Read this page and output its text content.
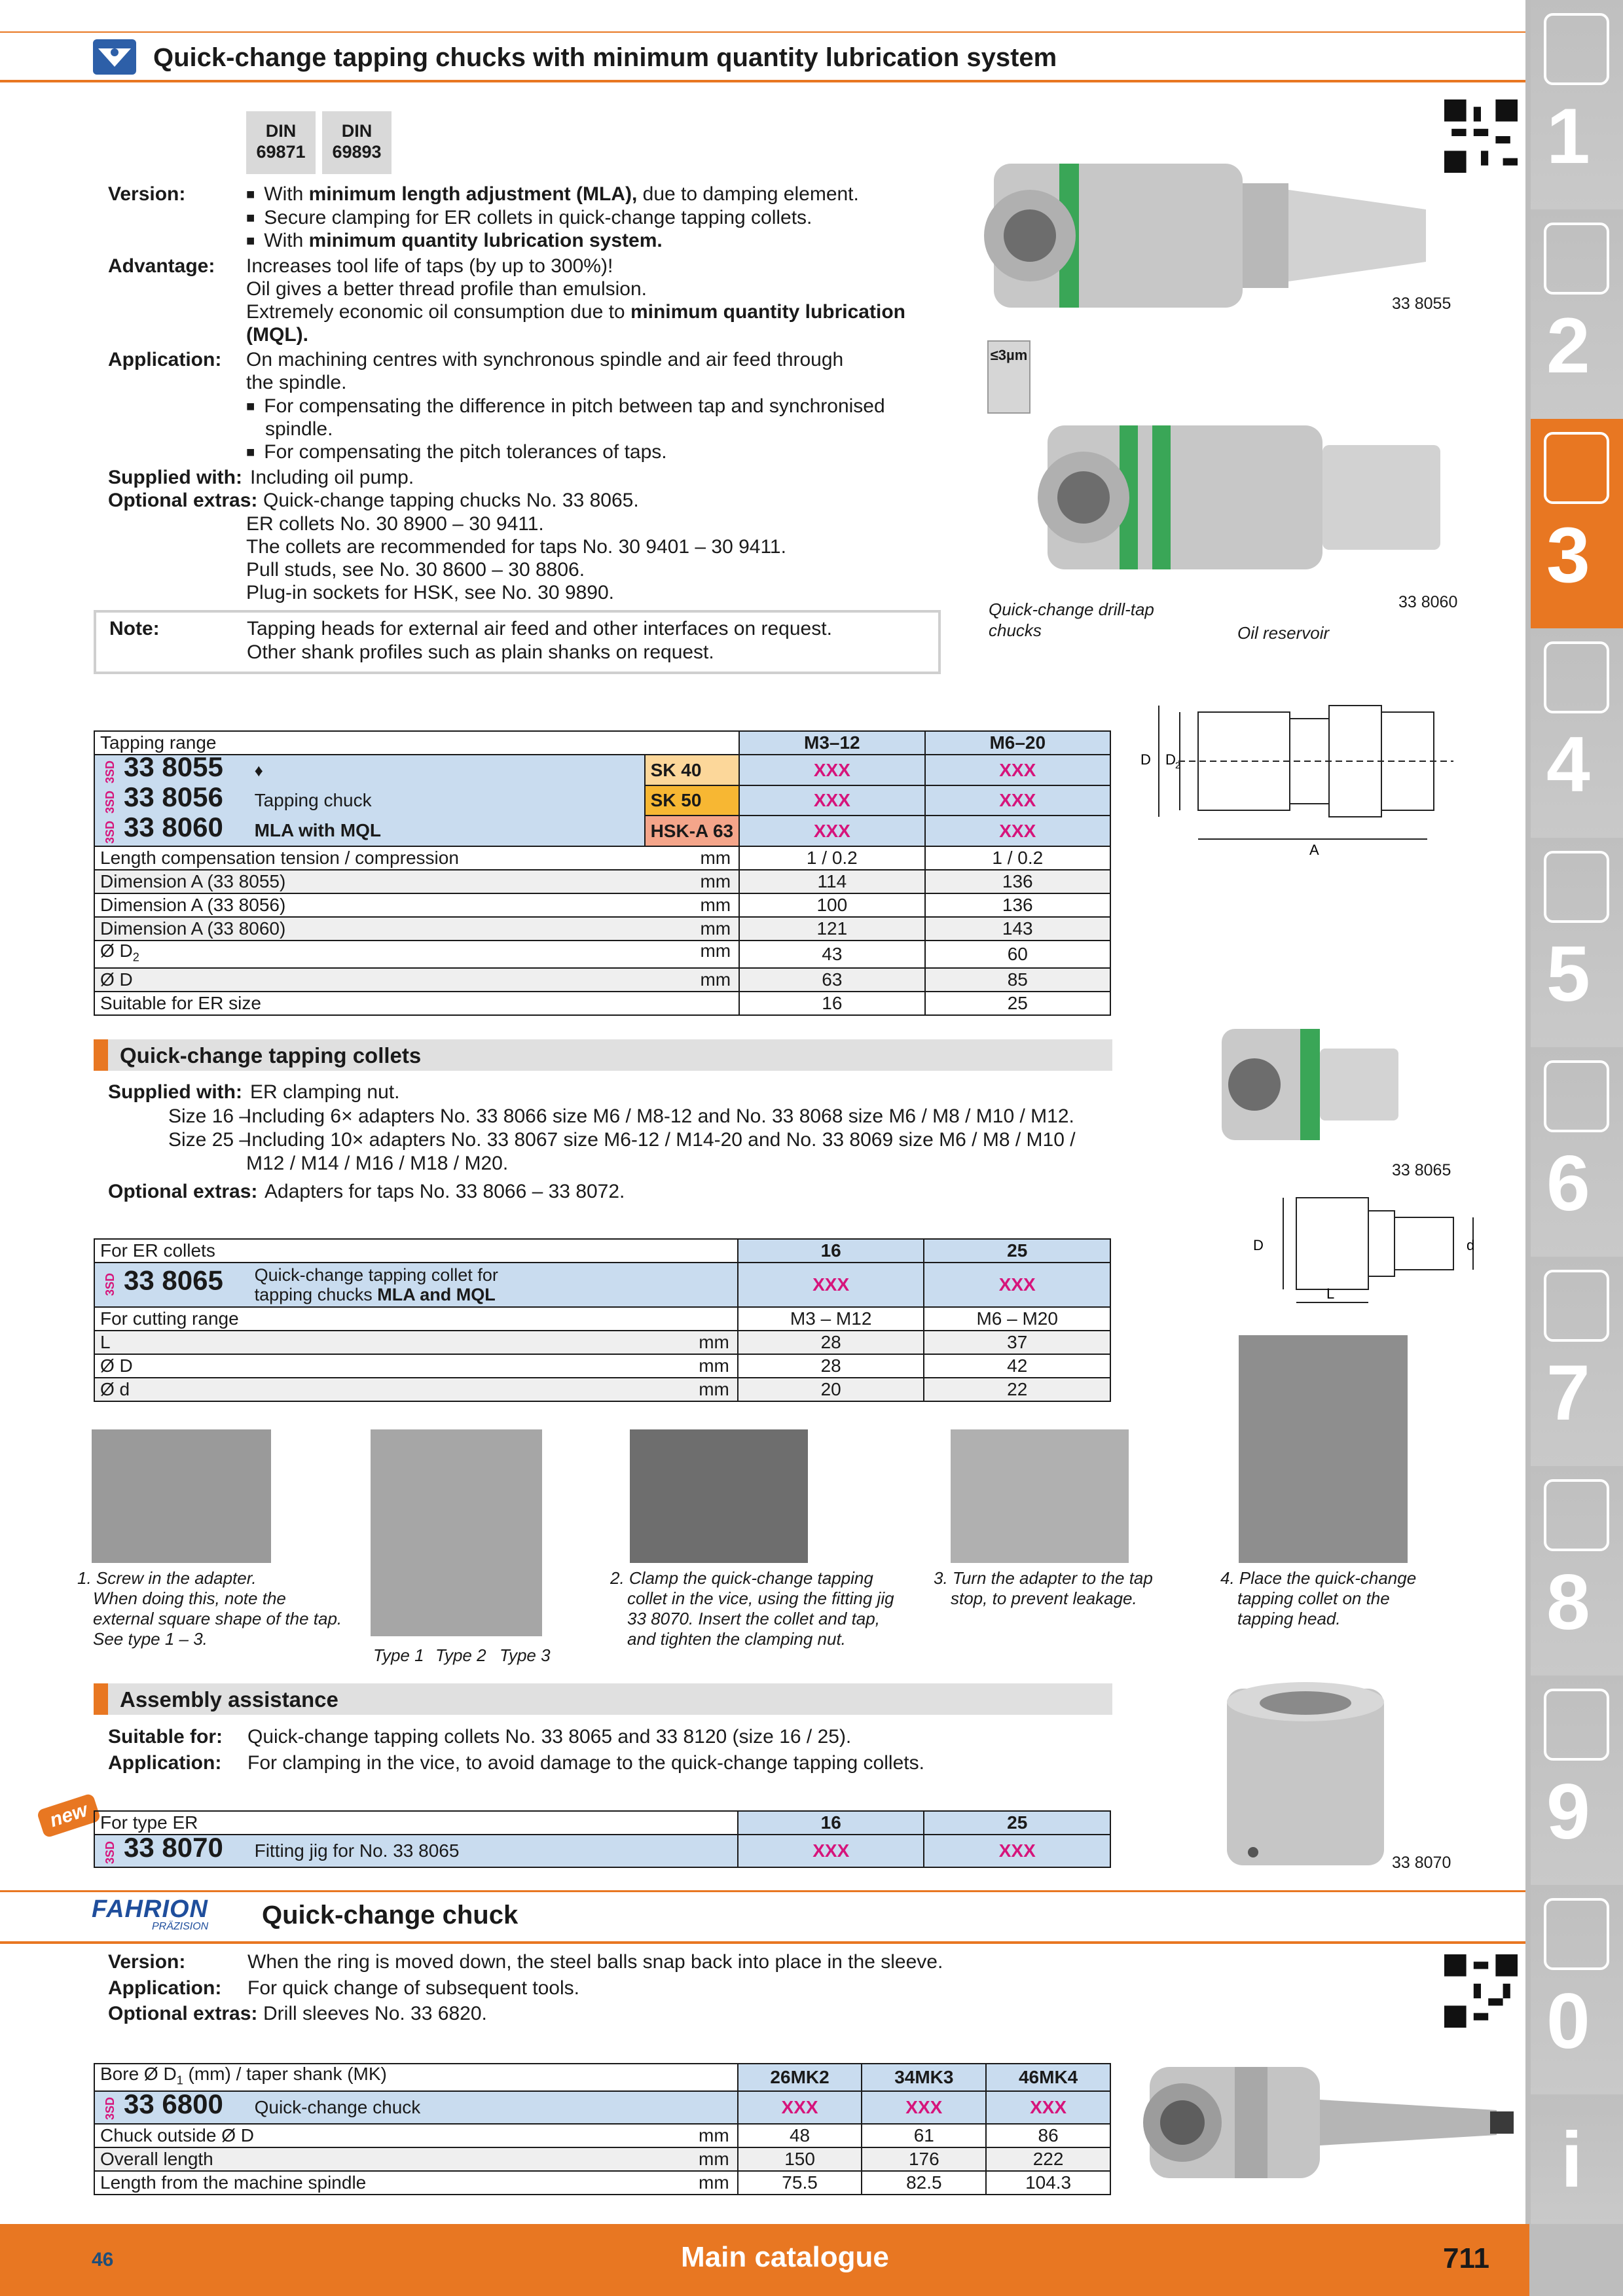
Quick-change tapping chucks with minimum quantity lubrication system
DIN
69871
DIN
69893
Version:	■ With minimum length adjustment (MLA), due to damping element.
■ Secure clamping for ER collets in quick-change tapping collets.
■ With minimum quantity lubrication system.
Advantage: Increases tool life of taps (by up to 300%)!
Oil gives a better thread profile than emulsion.
Extremely economic oil consumption due to minimum quantity lubrication
(MQL).
Application: On machining centres with synchronous spindle and air feed through
the spindle.
■ For compensating the difference in pitch between tap and synchronised
spindle.
■ For compensating the pitch tolerances of taps.
Supplied with: Including oil pump.
Optional extras: Quick-change tapping chucks No. 33 8065.
ER collets No. 30 8900 – 30 9411.
The collets are recommended for taps No. 30 9401 – 30 9411.
Pull studs, see No. 30 8600 – 30 8806.
Plug-in sockets for HSK, see No. 30 9890.
Note:	Tapping heads for external air feed and other interfaces on request.
Other shank profiles such as plain shanks on request.
33 8055
≤3µm
33 8060
Quick-change drill-tap
chucks	Oil reservoir
D D 2
A
Tapping range		M3–12	M6–20
3SD 33 8055 ♦	SK 40	XXX	XXX
3SD 33 8056 Tapping chuck	SK 50	XXX	XXX
3SD 33 8060 MLA with MQL	HSK-A 63	XXX	XXX
Length compensation tension / compression mm		1 / 0.2	1 / 0.2
Dimension A (33 8055) mm		114	136
Dimension A (33 8056) mm		100	136
Dimension A (33 8060) mm		121	143
Ø $D_2$ mm		43	60
Ø D mm		63	85
Suitable for ER size		16	25
Quick-change tapping collets
Supplied with: ER clamping nut.
Size 16 –
Including 6× adapters No. 33 8066 size M6 / M8-12 and No. 33 8068 size M6 / M8 / M10 / M12.
Size 25 –
Including 10× adapters No. 33 8067 size M6-12 / M14-20 and No. 33 8069 size M6 / M8 / M10 /
M12 / M14 / M16 / M18 / M20.
Optional extras: Adapters for taps No. 33 8066 – 33 8072.
33 8065
D	d
L
For ER collets	16	25
3SD 33 8065 Quick-change tapping collet for
tapping chucks MLA and MQL	XXX	XXX
For cutting range	M3 – M12	M6 – M20
L mm	28	37
Ø D mm	28	42
Ø d mm	20	22
1. Screw in the adapter.
When doing this, note the
external square shape of the tap.
See type 1 – 3.
Type 1 Type 2 Type 3
2. Clamp the quick-change tapping
collet in the vice, using the fitting jig
33 8070. Insert the collet and tap,
and tighten the clamping nut.
3. Turn the adapter to the tap
stop, to prevent leakage.
4. Place the quick-change
tapping collet on the
tapping head.
Assembly assistance
Suitable for: Quick-change tapping collets No. 33 8065 and 33 8120 (size 16 / 25).
Application: For clamping in the vice, to avoid damage to the quick-change tapping collets.
33 8070
new For type ER	16	25
3SD 33 8070 Fitting jig for No. 33 8065	XXX	XXX
FAHRION
PRÄZISION Quick-change chuck
Version:	When the ring is moved down, the steel balls snap back into place in the sleeve.
Application: For quick change of subsequent tools.
Optional extras: Drill sleeves No. 33 6820.
Bore Ø $D_1$ (mm) / taper shank (MK)	26MK2	34MK3	46MK4
3SD 33 6800 Quick-change chuck	XXX	XXX	XXX
Chuck outside Ø D mm	48	61	86
Overall length mm	150	176	222
Length from the machine spindle mm	75.5	82.5	104.3
1
2
3
4
5
6
7
8
9
0
i
46	Main catalogue	711
